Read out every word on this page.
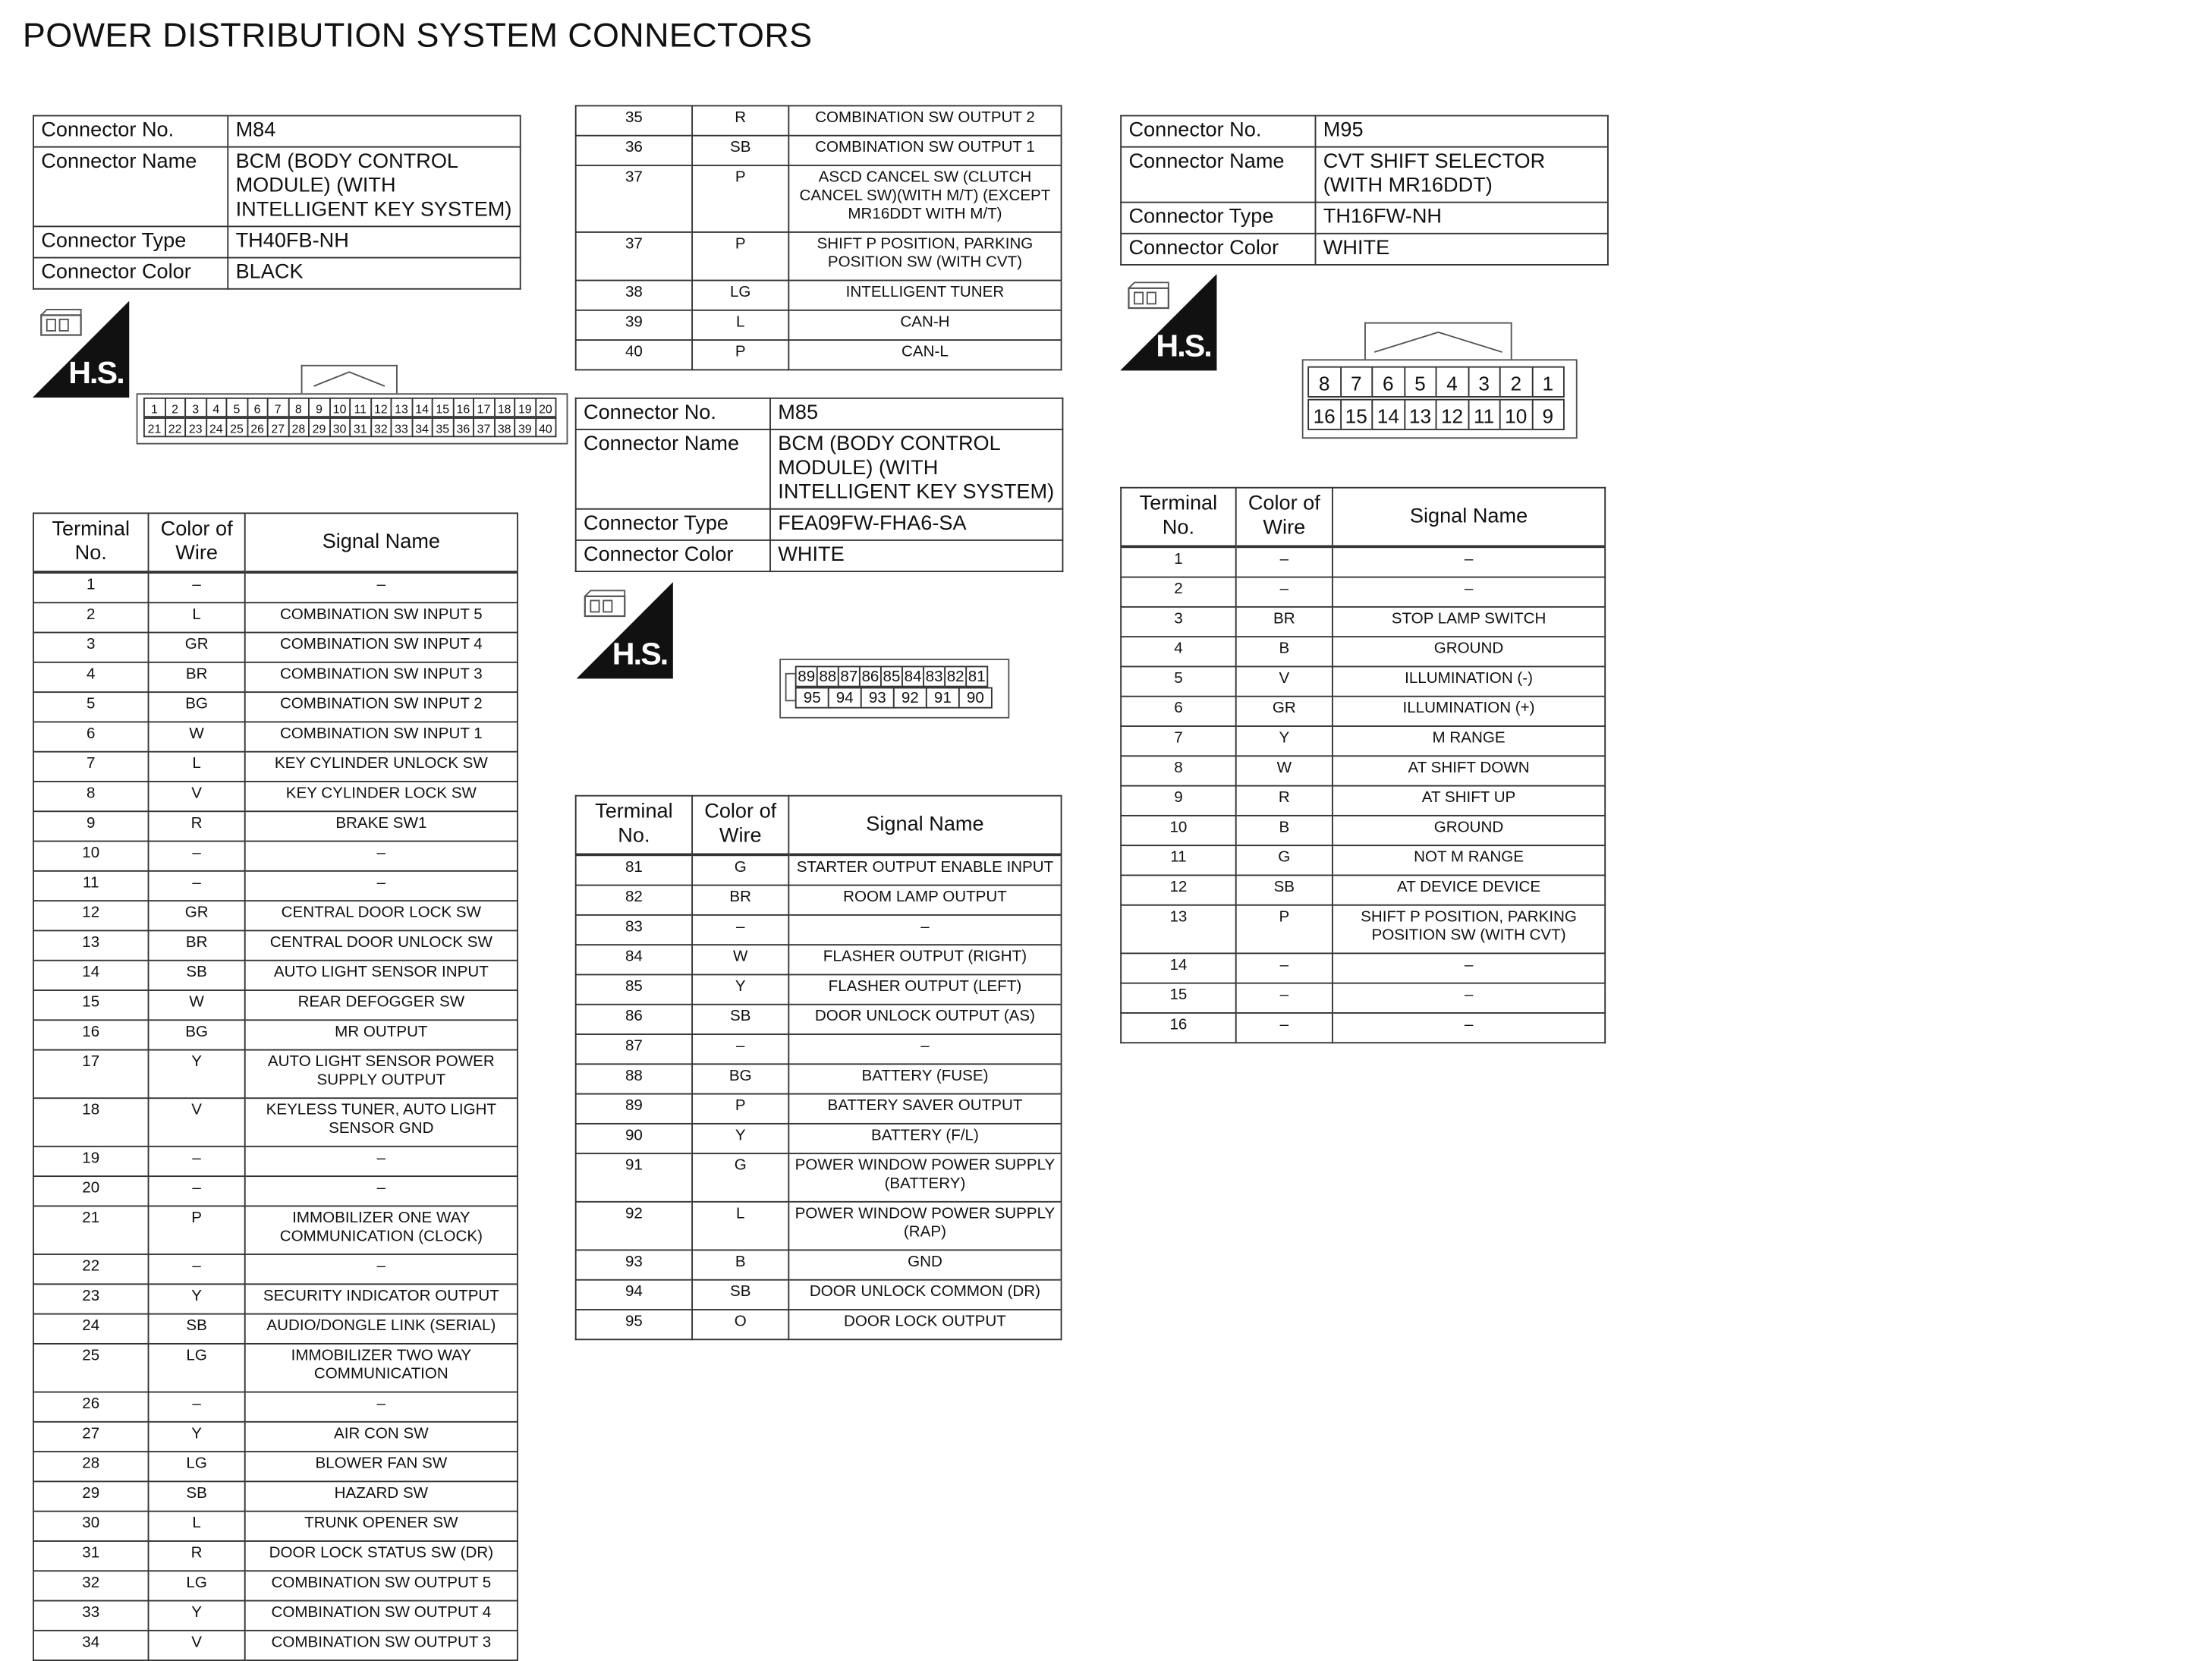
POWER DISTRIBUTION SYSTEM CONNECTORS
Connector No.	M84
Connector Name	BCM (BODY CONTROL MODULE) (WITH INTELLIGENT KEY SYSTEM)
Connector Type	TH40FB-NH
Connector Color	BLACK
H.S.
1	2	3	4	5	6	7	8	9	10	11	12	13	14	15	16	17	18	19	20
21	22	23	24	25	26	27	28	29	30	31	32	33	34	35	36	37	38	39	40
Terminal No.	Color of Wire	Signal Name
1	–	–
2	L	COMBINATION SW INPUT 5
3	GR	COMBINATION SW INPUT 4
4	BR	COMBINATION SW INPUT 3
5	BG	COMBINATION SW INPUT 2
6	W	COMBINATION SW INPUT 1
7	L	KEY CYLINDER UNLOCK SW
8	V	KEY CYLINDER LOCK SW
9	R	BRAKE SW1
10	–	–
11	–	–
12	GR	CENTRAL DOOR LOCK SW
13	BR	CENTRAL DOOR UNLOCK SW
14	SB	AUTO LIGHT SENSOR INPUT
15	W	REAR DEFOGGER SW
16	BG	MR OUTPUT
17	Y	AUTO LIGHT SENSOR POWER SUPPLY OUTPUT
18	V	KEYLESS TUNER, AUTO LIGHT SENSOR GND
19	–	–
20	–	–
21	P	IMMOBILIZER ONE WAY COMMUNICATION (CLOCK)
22	–	–
23	Y	SECURITY INDICATOR OUTPUT
24	SB	AUDIO/DONGLE LINK (SERIAL)
25	LG	IMMOBILIZER TWO WAY COMMUNICATION
26	–	–
27	Y	AIR CON SW
28	LG	BLOWER FAN SW
29	SB	HAZARD SW
30	L	TRUNK OPENER SW
31	R	DOOR LOCK STATUS SW (DR)
32	LG	COMBINATION SW OUTPUT 5
33	Y	COMBINATION SW OUTPUT 4
34	V	COMBINATION SW OUTPUT 3
35	R	COMBINATION SW OUTPUT 2
36	SB	COMBINATION SW OUTPUT 1
37	P	ASCD CANCEL SW (CLUTCH CANCEL SW)(WITH M/T) (EXCEPT MR16DDT WITH M/T)
37	P	SHIFT P POSITION, PARKING POSITION SW (WITH CVT)
38	LG	INTELLIGENT TUNER
39	L	CAN-H
40	P	CAN-L
Connector No.	M85
Connector Name	BCM (BODY CONTROL MODULE) (WITH INTELLIGENT KEY SYSTEM)
Connector Type	FEA09FW-FHA6-SA
Connector Color	WHITE
H.S.
89 88 87 86 85 84 83 82 81
95	94	93	92	91	90
Terminal No.	Color of Wire	Signal Name
81	G	STARTER OUTPUT ENABLE INPUT
82	BR	ROOM LAMP OUTPUT
83	–	–
84	W	FLASHER OUTPUT (RIGHT)
85	Y	FLASHER OUTPUT (LEFT)
86	SB	DOOR UNLOCK OUTPUT (AS)
87	–	–
88	BG	BATTERY (FUSE)
89	P	BATTERY SAVER OUTPUT
90	Y	BATTERY (F/L)
91	G	POWER WINDOW POWER SUPPLY (BATTERY)
92	L	POWER WINDOW POWER SUPPLY (RAP)
93	B	GND
94	SB	DOOR UNLOCK COMMON (DR)
95	O	DOOR LOCK OUTPUT
Connector No.	M95
Connector Name	CVT SHIFT SELECTOR (WITH MR16DDT)
Connector Type	TH16FW-NH
Connector Color	WHITE
H.S.
8	7	6	5	4	3	2	1
16 15 14 13 12 11 10	9
Terminal No.	Color of Wire	Signal Name
1	–	–
2	–	–
3	BR	STOP LAMP SWITCH
4	B	GROUND
5	V	ILLUMINATION (-)
6	GR	ILLUMINATION (+)
7	Y	M RANGE
8	W	AT SHIFT DOWN
9	R	AT SHIFT UP
10	B	GROUND
11	G	NOT M RANGE
12	SB	AT DEVICE DEVICE
13	P	SHIFT P POSITION, PARKING POSITION SW (WITH CVT)
14	–	–
15	–	–
16	–	–
